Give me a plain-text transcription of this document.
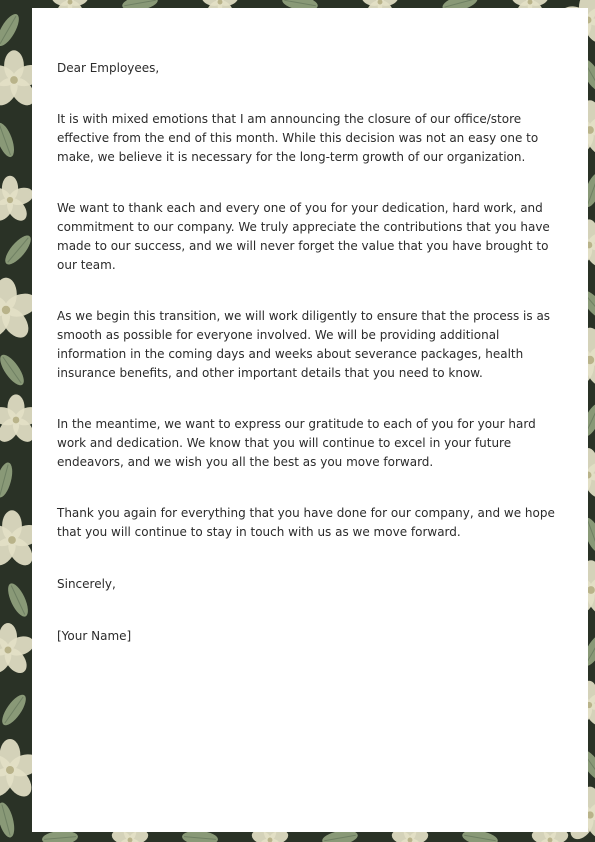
Dear Employees,

It is with mixed emotions that I am announcing the closure of our office/store effective from the end of this month. While this decision was not an easy one to make, we believe it is necessary for the long-term growth of our organization.

We want to thank each and every one of you for your dedication, hard work, and commitment to our company. We truly appreciate the contributions that you have made to our success, and we will never forget the value that you have brought to our team.

As we begin this transition, we will work diligently to ensure that the process is as smooth as possible for everyone involved. We will be providing additional information in the coming days and weeks about severance packages, health insurance benefits, and other important details that you need to know.

In the meantime, we want to express our gratitude to each of you for your hard work and dedication. We know that you will continue to excel in your future endeavors, and we wish you all the best as you move forward.

Thank you again for everything that you have done for our company, and we hope that you will continue to stay in touch with us as we move forward.

Sincerely,

[Your Name]
